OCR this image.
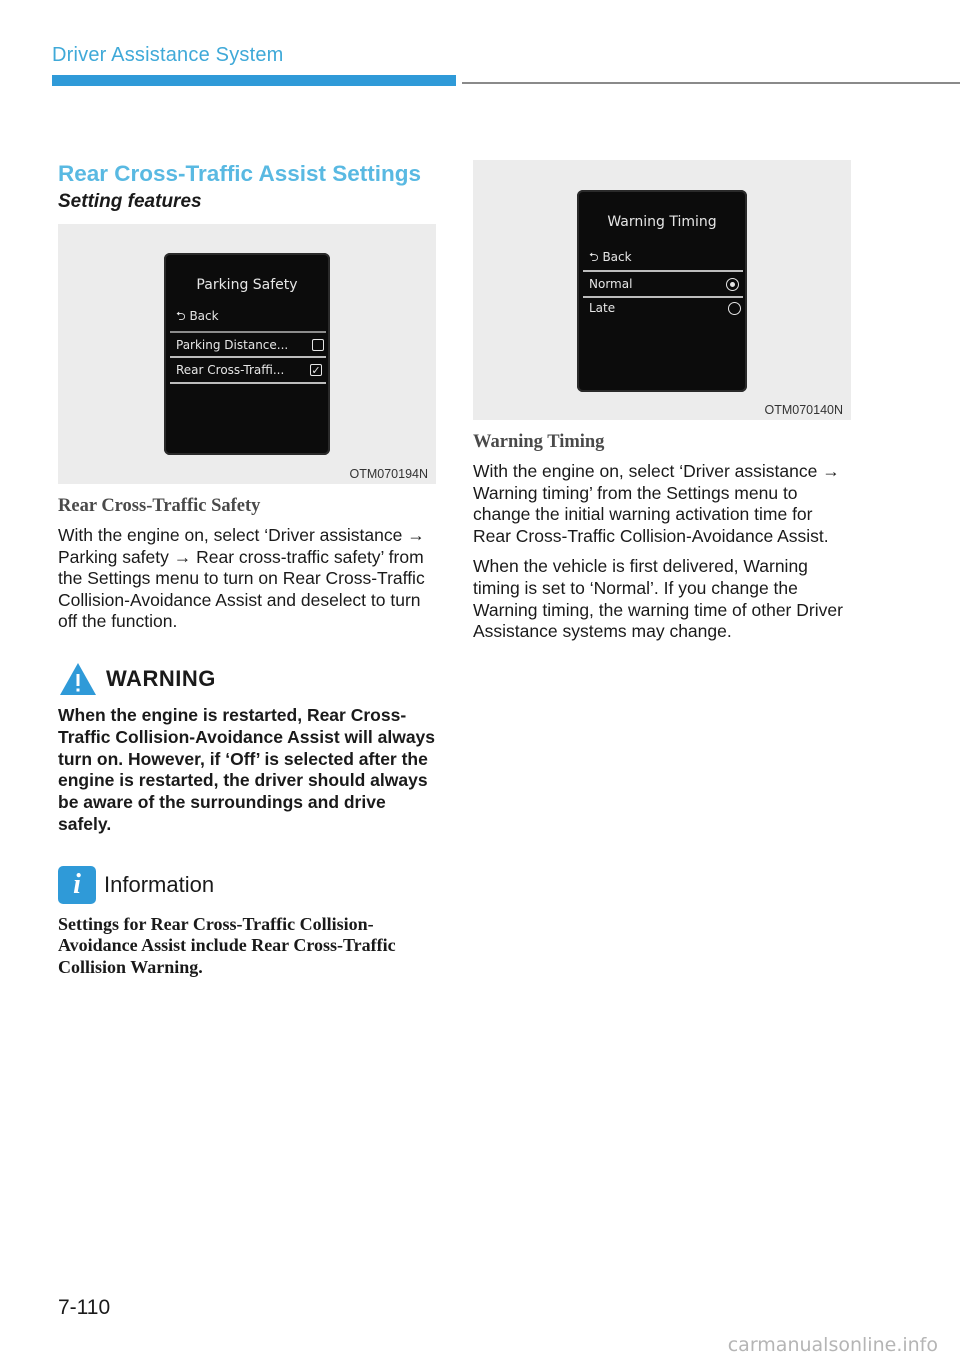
Driver Assistance System
Rear Cross-Traffic Assist Settings
Setting features
Parking Safety
⮌ Back
Parking Distance...
Rear Cross-Traffi... ✓
OTM070194N
Rear Cross-Traffic Safety

With the engine on, select ‘Driver assistance → Parking safety → Rear cross-traffic safety’ from the Settings menu to turn on Rear Cross-Traffic Collision-Avoidance Assist and deselect to turn off the function.

WARNING

When the engine is restarted, Rear Cross-Traffic Collision-Avoidance Assist will always turn on. However, if ‘Off’ is selected after the engine is restarted, the driver should always be aware of the surroundings and drive safely.

i	Information

Settings for Rear Cross-Traffic Collision-Avoidance Assist include Rear Cross-Traffic Collision Warning.

Warning Timing
⮌ Back
Normal
Late
OTM070140N
Warning Timing

With the engine on, select ‘Driver assistance → Warning timing’ from the Settings menu to change the initial warning activation time for Rear Cross-Traffic Collision-Avoidance Assist.

When the vehicle is first delivered, Warning timing is set to ‘Normal’. If you change the Warning timing, the warning time of other Driver Assistance systems may change.

7-110
carmanualsonline.info
